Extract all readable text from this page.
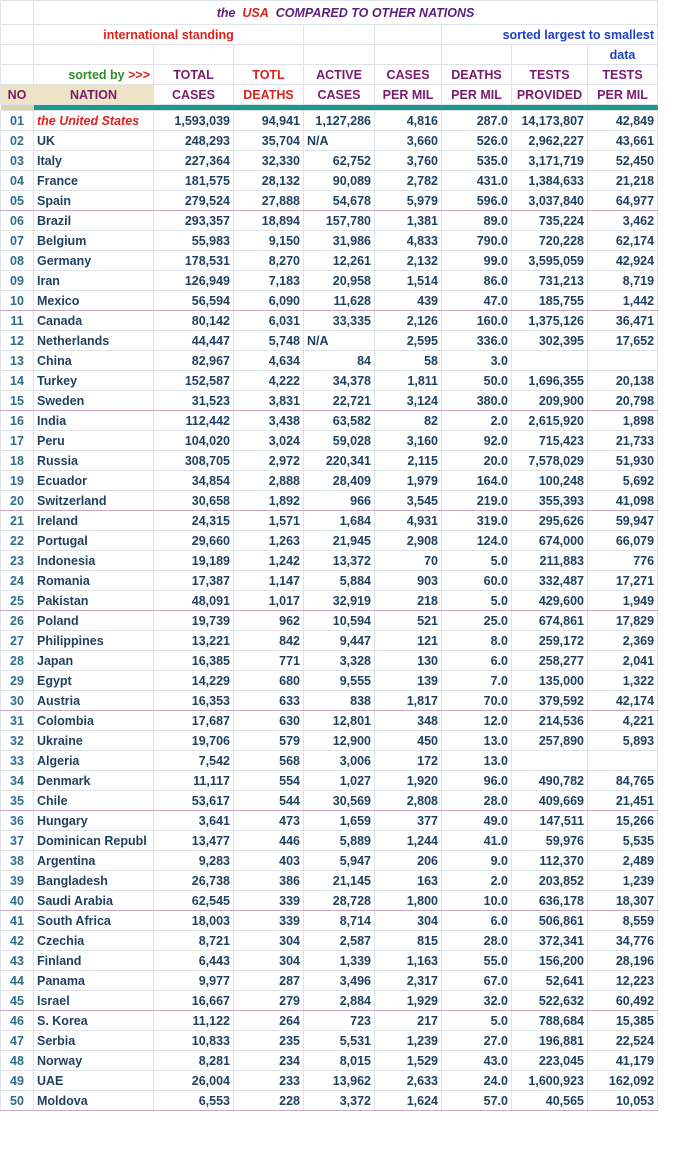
	the USA COMPARED TO OTHER NATIONS							
	international standing					sorted largest to smallest		
								data
	sorted by >>>	TOTAL	TOTL	ACTIVE	CASES	DEATHS	TESTS	TESTS
NO	NATION	CASES	DEATHS	CASES	PER MIL	PER MIL	PROVIDED	PER MIL

01	the United States	1,593,039	94,941	1,127,286	4,816	287.0	14,173,807	42,849
02	UK	248,293	35,704	N/A	3,660	526.0	2,962,227	43,661
03	Italy	227,364	32,330	62,752	3,760	535.0	3,171,719	52,450
04	France	181,575	28,132	90,089	2,782	431.0	1,384,633	21,218
05	Spain	279,524	27,888	54,678	5,979	596.0	3,037,840	64,977
06	Brazil	293,357	18,894	157,780	1,381	89.0	735,224	3,462
07	Belgium	55,983	9,150	31,986	4,833	790.0	720,228	62,174
08	Germany	178,531	8,270	12,261	2,132	99.0	3,595,059	42,924
09	Iran	126,949	7,183	20,958	1,514	86.0	731,213	8,719
10	Mexico	56,594	6,090	11,628	439	47.0	185,755	1,442
11	Canada	80,142	6,031	33,335	2,126	160.0	1,375,126	36,471
12	Netherlands	44,447	5,748	N/A	2,595	336.0	302,395	17,652
13	China	82,967	4,634	84	58	3.0		
14	Turkey	152,587	4,222	34,378	1,811	50.0	1,696,355	20,138
15	Sweden	31,523	3,831	22,721	3,124	380.0	209,900	20,798
16	India	112,442	3,438	63,582	82	2.0	2,615,920	1,898
17	Peru	104,020	3,024	59,028	3,160	92.0	715,423	21,733
18	Russia	308,705	2,972	220,341	2,115	20.0	7,578,029	51,930
19	Ecuador	34,854	2,888	28,409	1,979	164.0	100,248	5,692
20	Switzerland	30,658	1,892	966	3,545	219.0	355,393	41,098
21	Ireland	24,315	1,571	1,684	4,931	319.0	295,626	59,947
22	Portugal	29,660	1,263	21,945	2,908	124.0	674,000	66,079
23	Indonesia	19,189	1,242	13,372	70	5.0	211,883	776
24	Romania	17,387	1,147	5,884	903	60.0	332,487	17,271
25	Pakistan	48,091	1,017	32,919	218	5.0	429,600	1,949
26	Poland	19,739	962	10,594	521	25.0	674,861	17,829
27	Philippines	13,221	842	9,447	121	8.0	259,172	2,369
28	Japan	16,385	771	3,328	130	6.0	258,277	2,041
29	Egypt	14,229	680	9,555	139	7.0	135,000	1,322
30	Austria	16,353	633	838	1,817	70.0	379,592	42,174
31	Colombia	17,687	630	12,801	348	12.0	214,536	4,221
32	Ukraine	19,706	579	12,900	450	13.0	257,890	5,893
33	Algeria	7,542	568	3,006	172	13.0		
34	Denmark	11,117	554	1,027	1,920	96.0	490,782	84,765
35	Chile	53,617	544	30,569	2,808	28.0	409,669	21,451
36	Hungary	3,641	473	1,659	377	49.0	147,511	15,266
37	Dominican Republ	13,477	446	5,889	1,244	41.0	59,976	5,535
38	Argentina	9,283	403	5,947	206	9.0	112,370	2,489
39	Bangladesh	26,738	386	21,145	163	2.0	203,852	1,239
40	Saudi Arabia	62,545	339	28,728	1,800	10.0	636,178	18,307
41	South Africa	18,003	339	8,714	304	6.0	506,861	8,559
42	Czechia	8,721	304	2,587	815	28.0	372,341	34,776
43	Finland	6,443	304	1,339	1,163	55.0	156,200	28,196
44	Panama	9,977	287	3,496	2,317	67.0	52,641	12,223
45	Israel	16,667	279	2,884	1,929	32.0	522,632	60,492
46	S. Korea	11,122	264	723	217	5.0	788,684	15,385
47	Serbia	10,833	235	5,531	1,239	27.0	196,881	22,524
48	Norway	8,281	234	8,015	1,529	43.0	223,045	41,179
49	UAE	26,004	233	13,962	2,633	24.0	1,600,923	162,092
50	Moldova	6,553	228	3,372	1,624	57.0	40,565	10,053
